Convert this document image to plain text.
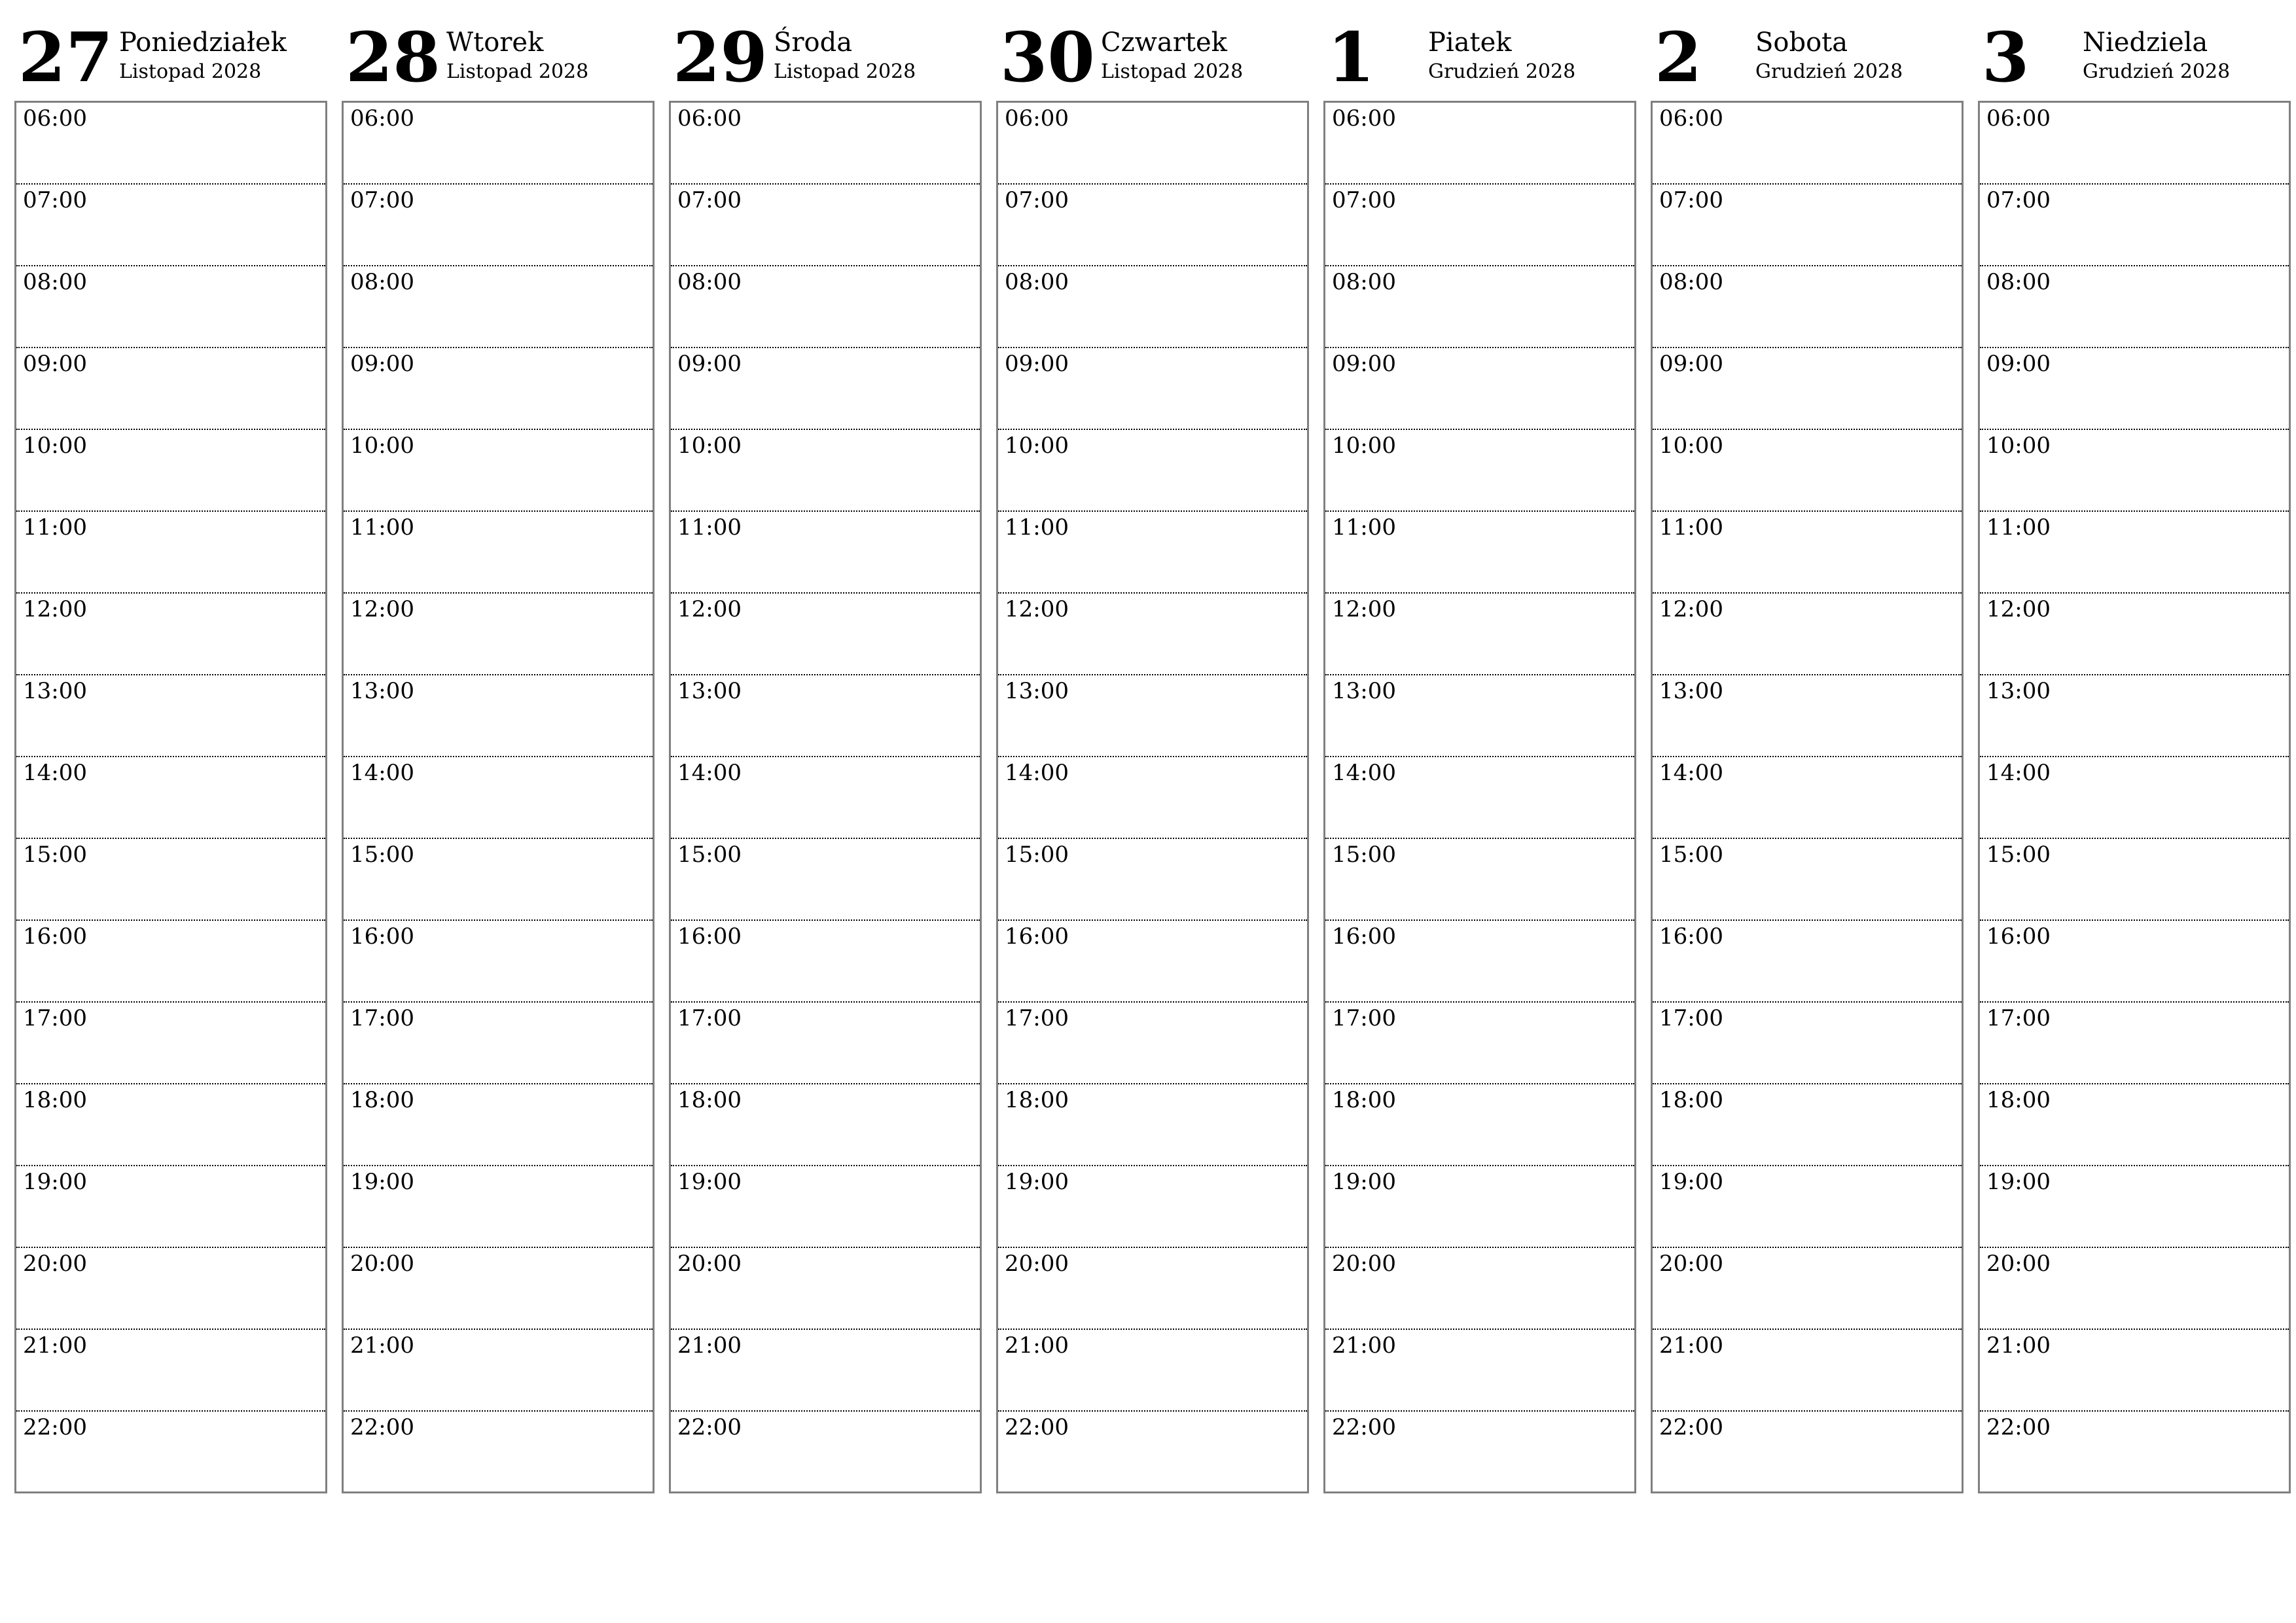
27 Poniedziałek
Listopad 2028
06:00
07:00
08:00
09:00
10:00
11:00
12:00
13:00
14:00
15:00
16:00
17:00
18:00
19:00
20:00
21:00
22:00
28 Wtorek
Listopad 2028
06:00
07:00
08:00
09:00
10:00
11:00
12:00
13:00
14:00
15:00
16:00
17:00
18:00
19:00
20:00
21:00
22:00
29 Środa
Listopad 2028
06:00
07:00
08:00
09:00
10:00
11:00
12:00
13:00
14:00
15:00
16:00
17:00
18:00
19:00
20:00
21:00
22:00
30 Czwartek
Listopad 2028
06:00
07:00
08:00
09:00
10:00
11:00
12:00
13:00
14:00
15:00
16:00
17:00
18:00
19:00
20:00
21:00
22:00
1 Piatek
Grudzień 2028
06:00
07:00
08:00
09:00
10:00
11:00
12:00
13:00
14:00
15:00
16:00
17:00
18:00
19:00
20:00
21:00
22:00
2 Sobota
Grudzień 2028
06:00
07:00
08:00
09:00
10:00
11:00
12:00
13:00
14:00
15:00
16:00
17:00
18:00
19:00
20:00
21:00
22:00
3 Niedziela
Grudzień 2028
06:00
07:00
08:00
09:00
10:00
11:00
12:00
13:00
14:00
15:00
16:00
17:00
18:00
19:00
20:00
21:00
22:00
